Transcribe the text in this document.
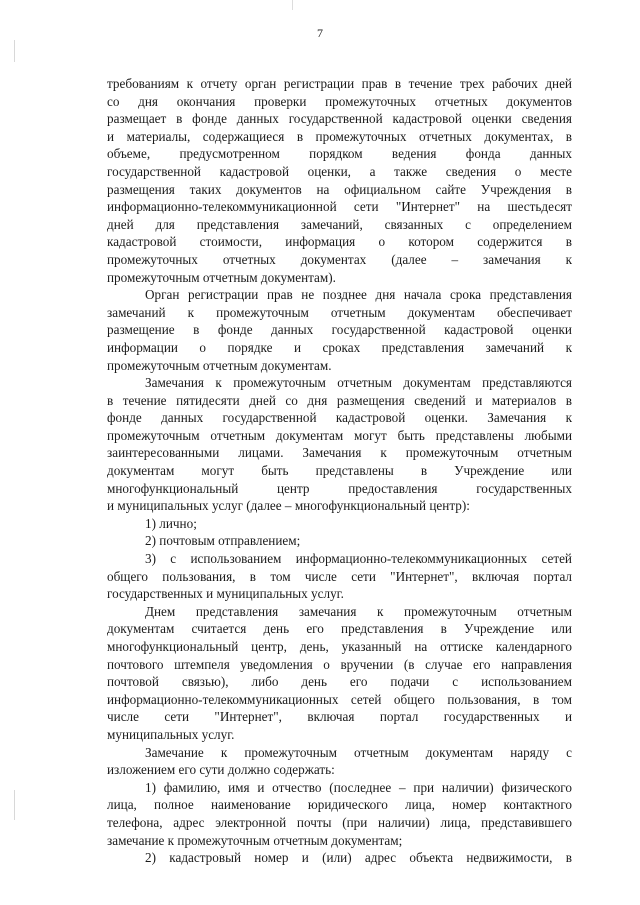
7
требованиям к отчету орган регистрации прав в течение трех рабочих дней
со дня окончания проверки промежуточных отчетных документов
размещает в фонде данных государственной кадастровой оценки сведения
и материалы, содержащиеся в промежуточных отчетных документах, в
объеме, предусмотренном порядком ведения фонда данных
государственной кадастровой оценки, а также сведения о месте
размещения таких документов на официальном сайте Учреждения в
информационно-телекоммуникационной сети "Интернет" на шестьдесят
дней для представления замечаний, связанных с определением
кадастровой стоимости, информация о котором содержится в
промежуточных отчетных документах (далее – замечания к
промежуточным отчетным документам).
Орган регистрации прав не позднее дня начала срока представления
замечаний к промежуточным отчетным документам обеспечивает
размещение в фонде данных государственной кадастровой оценки
информации о порядке и сроках представления замечаний к
промежуточным отчетным документам.
Замечания к промежуточным отчетным документам представляются
в течение пятидесяти дней со дня размещения сведений и материалов в
фонде данных государственной кадастровой оценки. Замечания к
промежуточным отчетным документам могут быть представлены любыми
заинтересованными лицами. Замечания к промежуточным отчетным
документам могут быть представлены в Учреждение или
многофункциональный центр предоставления государственных
и муниципальных услуг (далее – многофункциональный центр):
1) лично;
2) почтовым отправлением;
3) с использованием информационно-телекоммуникационных сетей
общего пользования, в том числе сети "Интернет", включая портал
государственных и муниципальных услуг.
Днем представления замечания к промежуточным отчетным
документам считается день его представления в Учреждение или
многофункциональный центр, день, указанный на оттиске календарного
почтового штемпеля уведомления о вручении (в случае его направления
почтовой связью), либо день его подачи с использованием
информационно-телекоммуникационных сетей общего пользования, в том
числе сети "Интернет", включая портал государственных и
муниципальных услуг.
Замечание к промежуточным отчетным документам наряду с
изложением его сути должно содержать:
1) фамилию, имя и отчество (последнее – при наличии) физического
лица, полное наименование юридического лица, номер контактного
телефона, адрес электронной почты (при наличии) лица, представившего
замечание к промежуточным отчетным документам;
2) кадастровый номер и (или) адрес объекта недвижимости, в
